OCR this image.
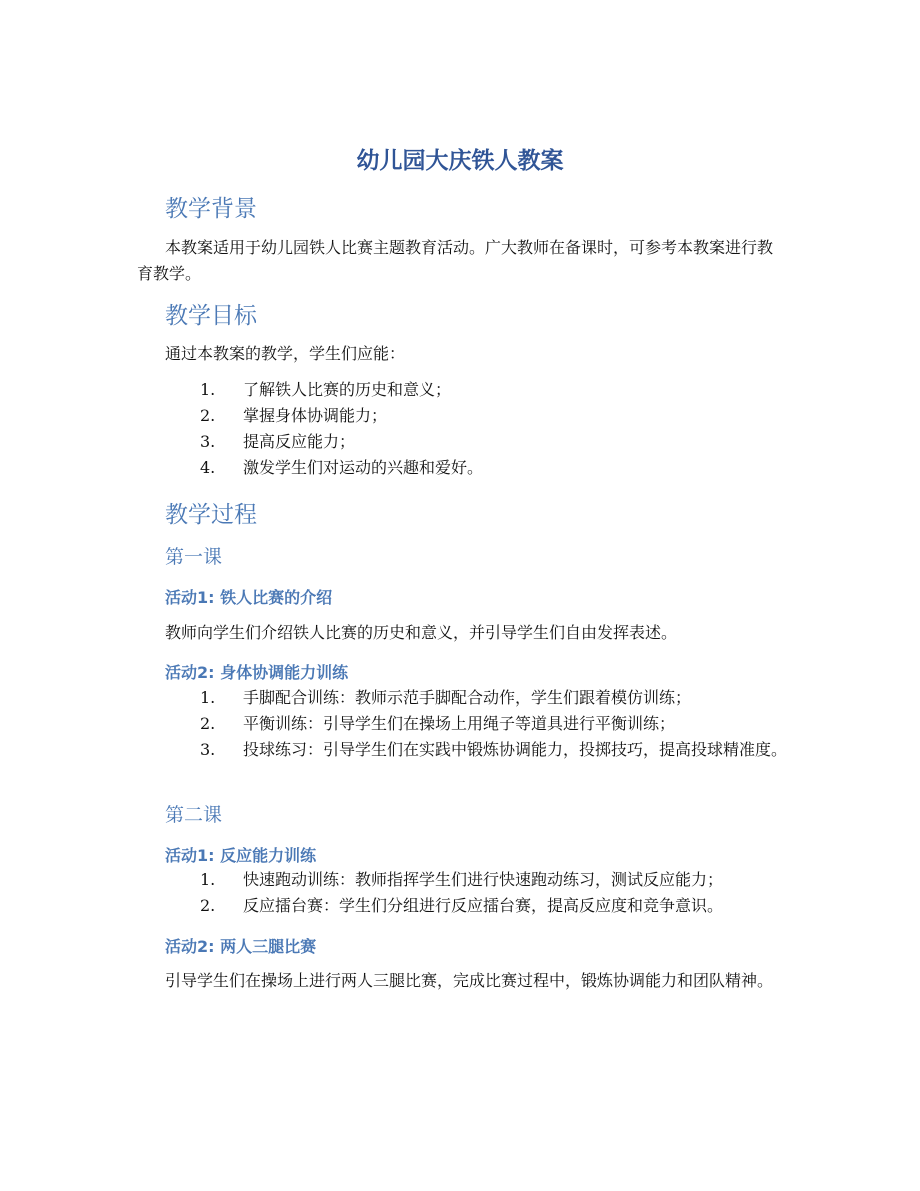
幼儿园大庆铁人教案
教学背景
本教案适用于幼儿园铁人比赛主题教育活动。广大教师在备课时，可参考本教案进行教育教学。
教学目标
通过本教案的教学，学生们应能：
1. 了解铁人比赛的历史和意义；
2. 掌握身体协调能力；
3. 提高反应能力；
4. 激发学生们对运动的兴趣和爱好。
教学过程
第一课
活动1: 铁人比赛的介绍
教师向学生们介绍铁人比赛的历史和意义，并引导学生们自由发挥表述。
活动2: 身体协调能力训练
1. 手脚配合训练：教师示范手脚配合动作，学生们跟着模仿训练；
2. 平衡训练：引导学生们在操场上用绳子等道具进行平衡训练；
3. 投球练习：引导学生们在实践中锻炼协调能力，投掷技巧，提高投球精准度。
第二课
活动1: 反应能力训练
1. 快速跑动训练：教师指挥学生们进行快速跑动练习，测试反应能力；
2. 反应擂台赛：学生们分组进行反应擂台赛，提高反应度和竞争意识。
活动2: 两人三腿比赛
引导学生们在操场上进行两人三腿比赛，完成比赛过程中，锻炼协调能力和团队精神。
